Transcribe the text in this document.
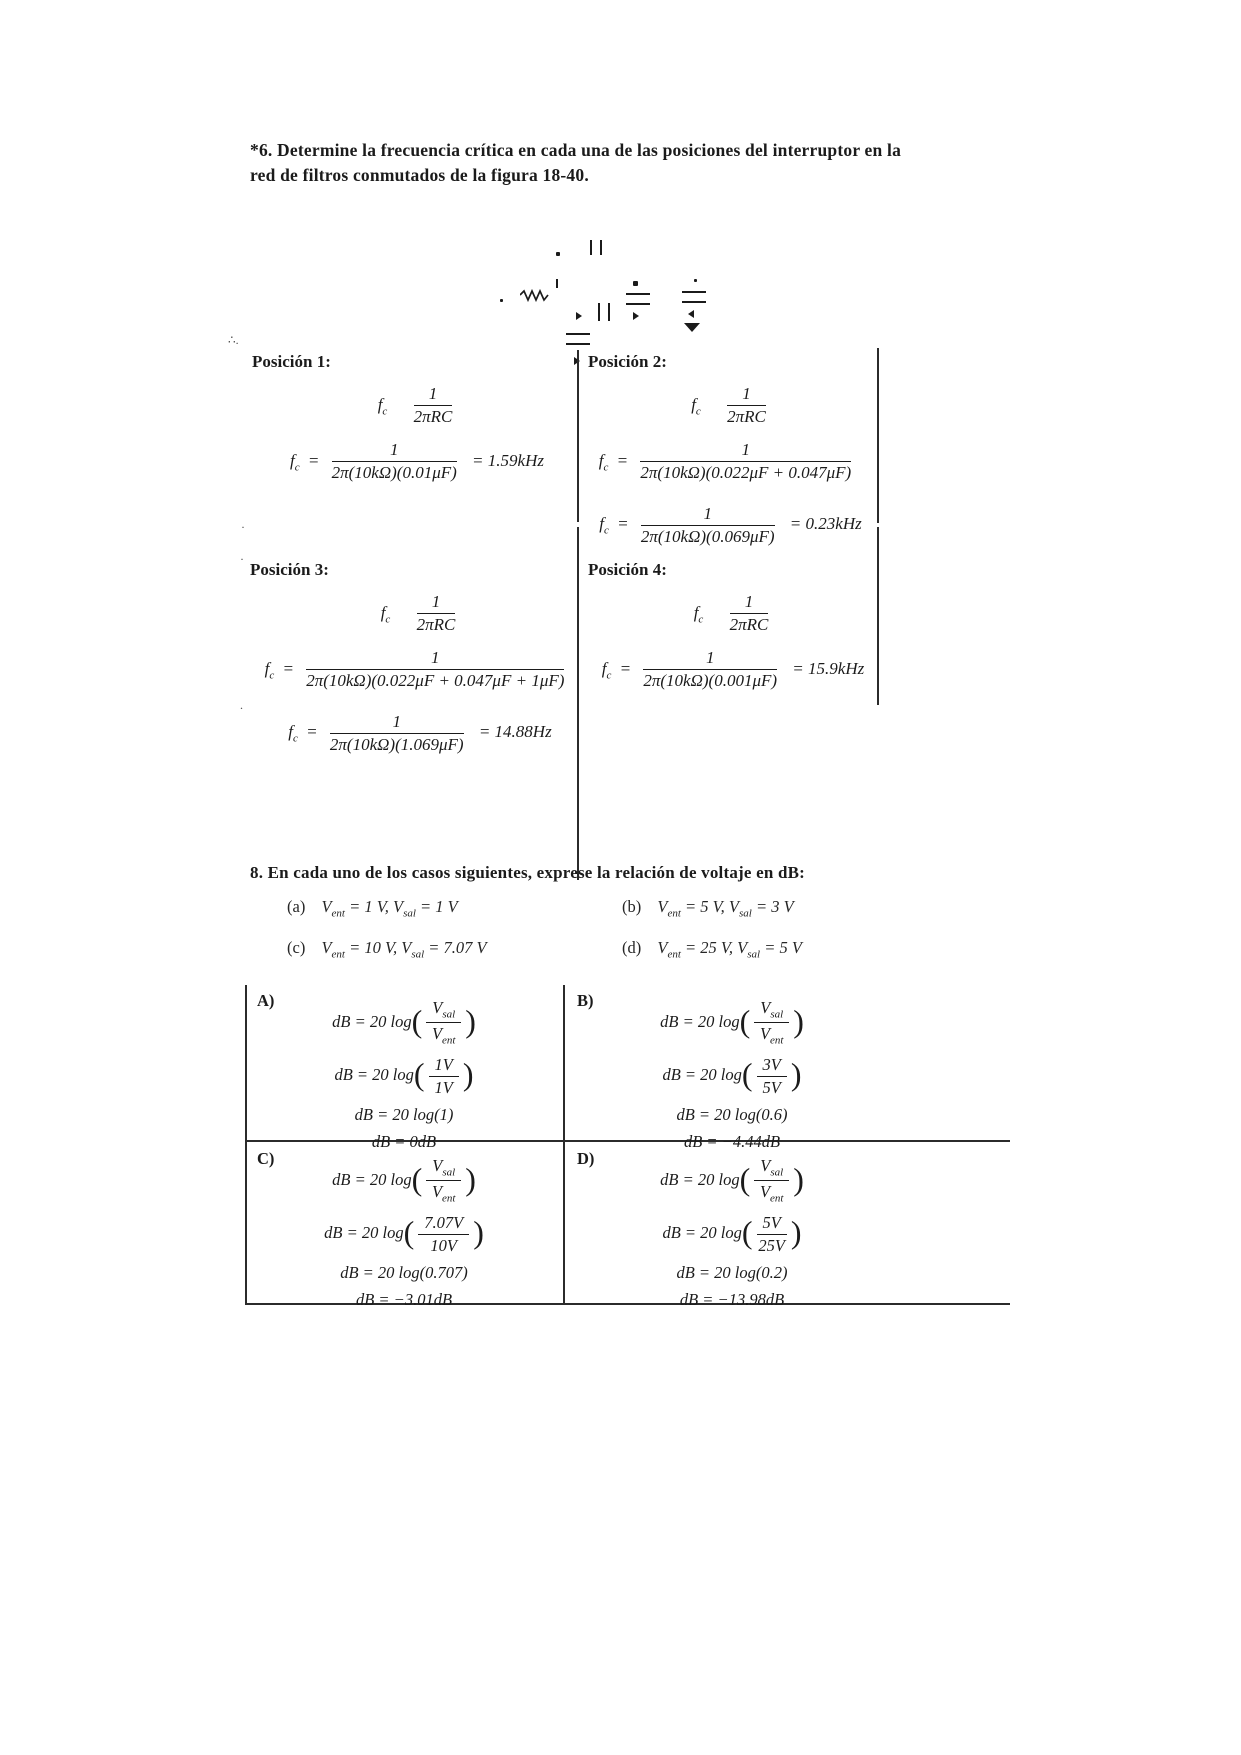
*6. Determine la frecuencia crítica en cada una de las posiciones del interruptor en la red de filtros conmutados de la figura 18-40.
∴.
·
·
.
Posición 1:
$f_c \frac{1}{\text{2πRC}}$
$f_c = \frac{1}{2\pi(10k\Omega)(0.01\mu F)} = 1.59kHz$
Posición 2:
$f_c \frac{1}{\text{2πRC}}$
$f_c = \frac{1}{2\pi(10k\Omega)(0.022\mu F + 0.047\mu F)}$
$f_c = \frac{1}{2\pi(10k\Omega)(0.069\mu F)} = 0.23kHz$
Posición 3:
$f_c \frac{1}{\text{2πRC}}$
$f_c = \frac{1}{2\pi(10k\Omega)(0.022\mu F + 0.047\mu F + 1\mu F)}$
$f_c = \frac{1}{2\pi(10k\Omega)(1.069\mu F)} = 14.88Hz$
Posición 4:
$f_c \frac{1}{\text{2πRC}}$
$f_c = \frac{1}{2\pi(10k\Omega)(0.001\mu F)} = 15.9kHz$
8. En cada uno de los casos siguientes, exprese la relación de voltaje en dB:
(a) $V_{ent} = 1$ V, $V_{sal} = 1$ V	(b) $V_{ent} = 5$ V, $V_{sal} = 3$ V
(c) $V_{ent} = 10$ V, $V_{sal} = 7.07$ V	(d) $V_{ent} = 25$ V, $V_{sal} = 5$ V
A)
dB = 20 $\log( \frac{V_{sal}}{V_{ent}}$ )
dB = 20 $\log( \frac{1V}{1V}$ )
dB = 20 log(1)
dB = 0dB
B)
dB = 20 $\log( \frac{V_{sal}}{V_{ent}}$ )
dB = 20 $\log( \frac{3V}{5V}$ )
dB = 20 log(0.6)
dB = −4.44dB
C)
dB = 20 $\log( \frac{V_{sal}}{V_{ent}}$ )
dB = 20 $\log( \frac{7.07V}{10V}$ )
dB = 20 log(0.707)
dB = −3.01dB
D)
dB = 20 $\log( \frac{V_{sal}}{V_{ent}}$ )
dB = 20 $\log( \frac{5V}{25V}$ )
dB = 20 log(0.2)
dB = −13.98dB
